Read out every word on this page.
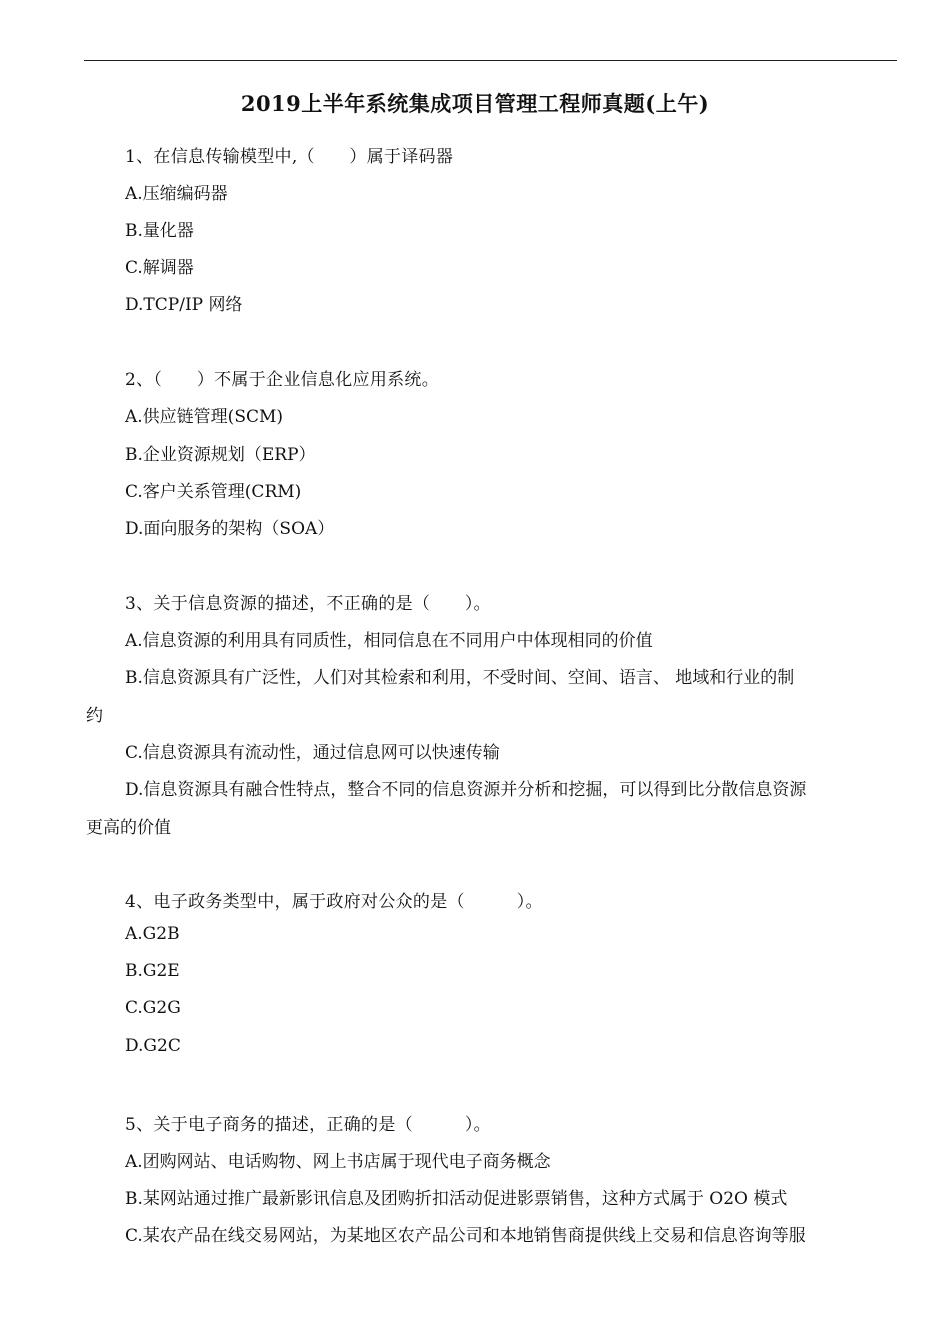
2019上半年系统集成项目管理工程师真题(上午)
1、在信息传输模型中,（　　）属于译码器
A.压缩编码器
B.量化器
C.解调器
D.TCP/IP 网络
2、（　　）不属于企业信息化应用系统。
A.供应链管理(SCM)
B.企业资源规划（ERP）
C.客户关系管理(CRM)
D.面向服务的架构（SOA）
3、关于信息资源的描述，不正确的是（　　）。
A.信息资源的利用具有同质性，相同信息在不同用户中体现相同的价值
B.信息资源具有广泛性，人们对其检索和利用，不受时间、空间、语言、 地域和行业的制
约
C.信息资源具有流动性，通过信息网可以快速传输
D.信息资源具有融合性特点，整合不同的信息资源并分析和挖掘，可以得到比分散信息资源
更高的价值
4、电子政务类型中，属于政府对公众的是（　　　）。
A.G2B
B.G2E
C.G2G
D.G2C
5、关于电子商务的描述，正确的是（　　　）。
A.团购网站、电话购物、网上书店属于现代电子商务概念
B.某网站通过推广最新影讯信息及团购折扣活动促进影票销售，这种方式属于 O2O 模式
C.某农产品在线交易网站，为某地区农产品公司和本地销售商提供线上交易和信息咨询等服
